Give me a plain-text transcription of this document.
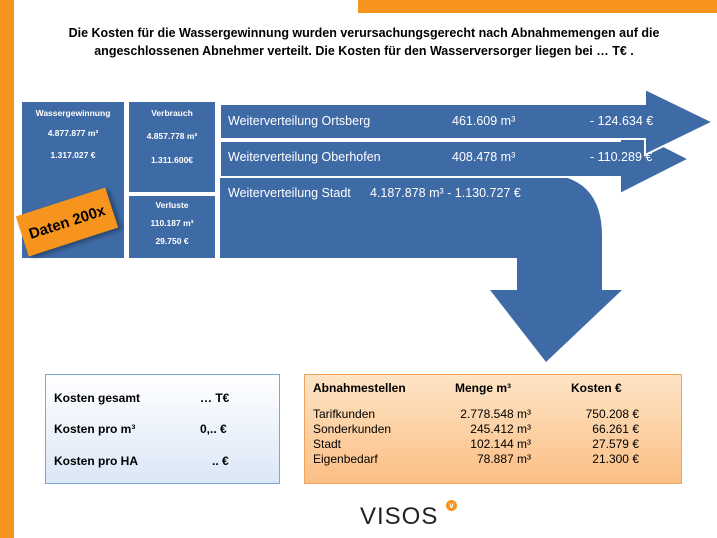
Die Kosten für die Wassergewinnung wurden verursachungsgerecht nach Abnahmemengen auf die
angeschlossenen Abnehmer verteilt. Die Kosten für den Wasserversorger liegen bei … T€ .
Weiterverteilung Ortsberg	461.609 m³	- 124.634 €
Weiterverteilung Oberhofen	408.478 m³	- 110.289 €
Weiterverteilung Stadt 4.187.878 m³ - 1.130.727 €
Wassergewinnung
4.877.877 m³
1.317.027 €
Verbrauch
4.857.778 m³
1.311.600€
Verluste
110.187 m³
29.750 €
Daten 200x
Kosten gesamt	… T€
Kosten pro m³	0,.. €
Kosten pro HA	.. €
Abnahmestellen	Menge m³	Kosten €
Tarifkunden	2.778.548 m³	750.208 €
Sonderkunden	245.412 m³	66.261 €
Stadt	102.144 m³	27.579 €
Eigenbedarf	78.887 m³	21.300 €
VISOS	v
